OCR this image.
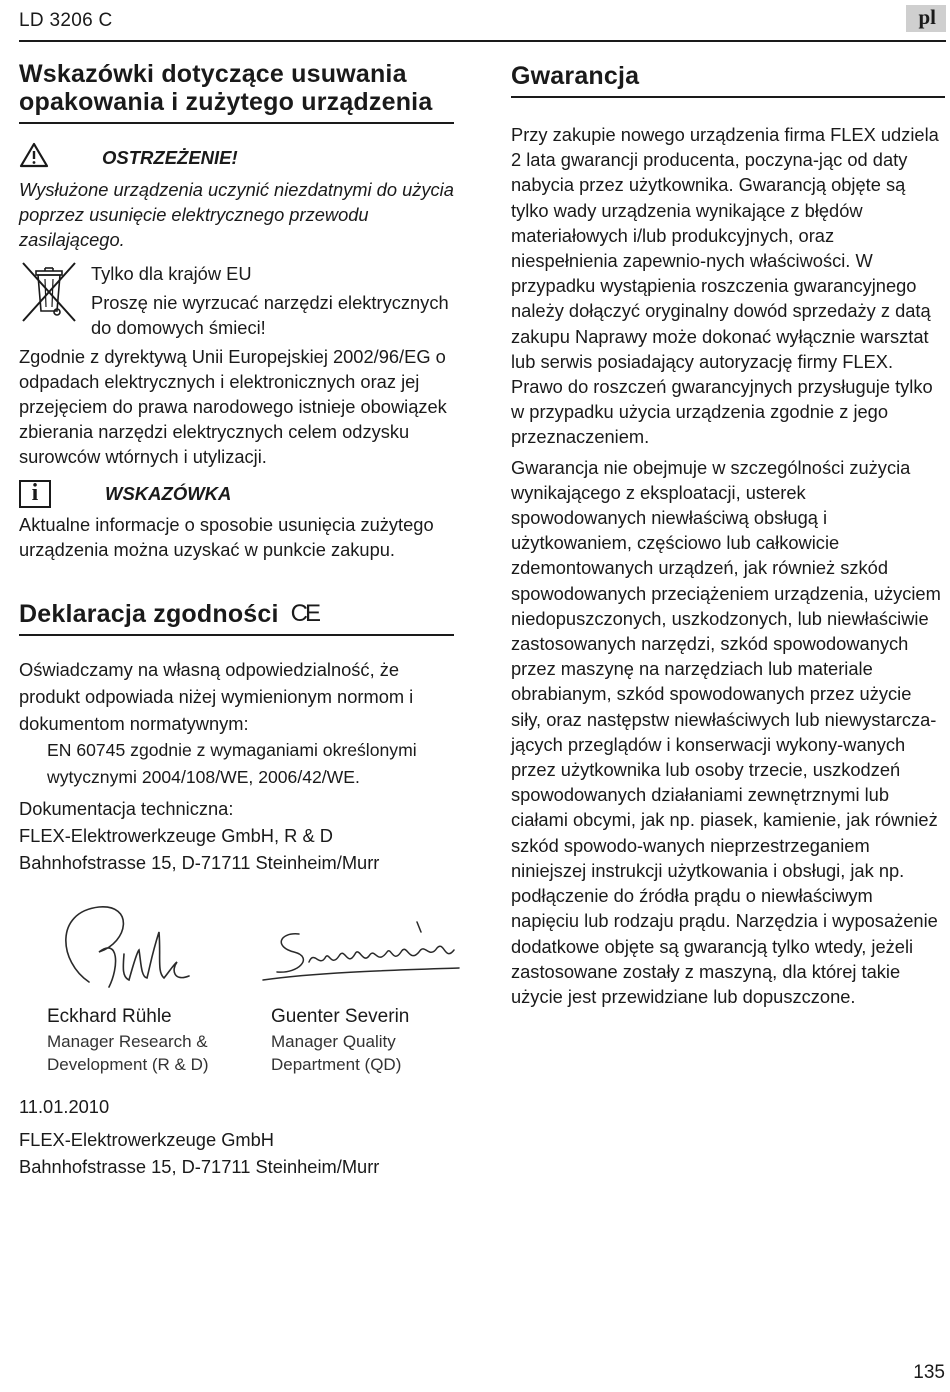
LD 3206 C	pl
Wskazówki dotyczące usuwania opakowania i zużytego urządzenia
OSTRZEŻENIE!

Wysłużone urządzenia uczynić niezdatnymi do użycia poprzez usunięcie elektrycznego przewodu zasilającego.

Tylko dla krajów EU

Proszę nie wyrzucać narzędzi elektrycznych do domowych śmieci!

Zgodnie z dyrektywą Unii Europejskiej 2002/96/EG o odpadach elektrycznych i elektronicznych oraz jej przejęciem do prawa narodowego istnieje obowiązek zbierania narzędzi elektrycznych celem odzysku surowców wtórnych i utylizacji.

i	WSKAZÓWKA

Aktualne informacje o sposobie usunięcia zużytego urządzenia można uzyskać w punkcie zakupu.

Deklaracja zgodności CE

Oświadczamy na własną odpowiedzialność, że produkt odpowiada niżej wymienionym normom i dokumentom normatywnym:

EN 60745 zgodnie z wymaganiami określonymi wytycznymi 2004/108/WE, 2006/42/WE.

Dokumentacja techniczna:

FLEX-Elektrowerkzeuge GmbH, R & D

Bahnhofstrasse 15, D-71711 Steinheim/Murr

Eckhard Rühle
Manager Research &
Development (R & D)
Guenter Severin
Manager Quality
Department (QD)

11.01.2010

FLEX-Elektrowerkzeuge GmbH

Bahnhofstrasse 15, D-71711 Steinheim/Murr

Gwarancja

Przy zakupie nowego urządzenia firma FLEX udziela 2 lata gwarancji producenta, poczyna-jąc od daty nabycia przez użytkownika. Gwarancją objęte są tylko wady urządzenia wynikające z błędów materiałowych i/lub produkcyjnych, oraz niespełnienia zapewnio-nych właściwości. W przypadku wystąpienia roszczenia gwarancyjnego należy dołączyć oryginalny dowód sprzedaży z datą zakupu Naprawy może dokonać wyłącznie warsztat lub serwis posiadający autoryzację firmy FLEX. Prawo do roszczeń gwarancyjnych przysługuje tylko w przypadku użycia urządzenia zgodnie z jego przeznaczeniem.

Gwarancja nie obejmuje w szczególności zużycia wynikającego z eksploatacji, usterek spowodowanych niewłaściwą obsługą i użytkowaniem, częściowo lub całkowicie zdemontowanych urządzeń, jak również szkód spowodowanych przeciążeniem urządzenia, użyciem niedopuszczonych, uszkodzonych, lub niewłaściwie zastosowanych narzędzi, szkód spowodowanych przez maszynę na narzędziach lub materiale obrabianym, szkód spowodowanych przez użycie siły, oraz następstw niewłaściwych lub niewystarcza-jących przeglądów i konserwacji wykony-wanych przez użytkownika lub osoby trzecie, uszkodzeń spowodowanych działaniami zewnętrznymi lub ciałami obcymi, jak np. piasek, kamienie, jak również szkód spowodo-wanych nieprzestrzeganiem niniejszej instrukcji użytkowania i obsługi, jak np. podłączenie do źródła prądu o niewłaściwym napięciu lub rodzaju prądu. Narzędzia i wyposażenie dodatkowe objęte są gwarancją tylko wtedy, jeżeli zastosowane zostały z maszyną, dla której takie użycie jest przewidziane lub dopuszczone.

135
